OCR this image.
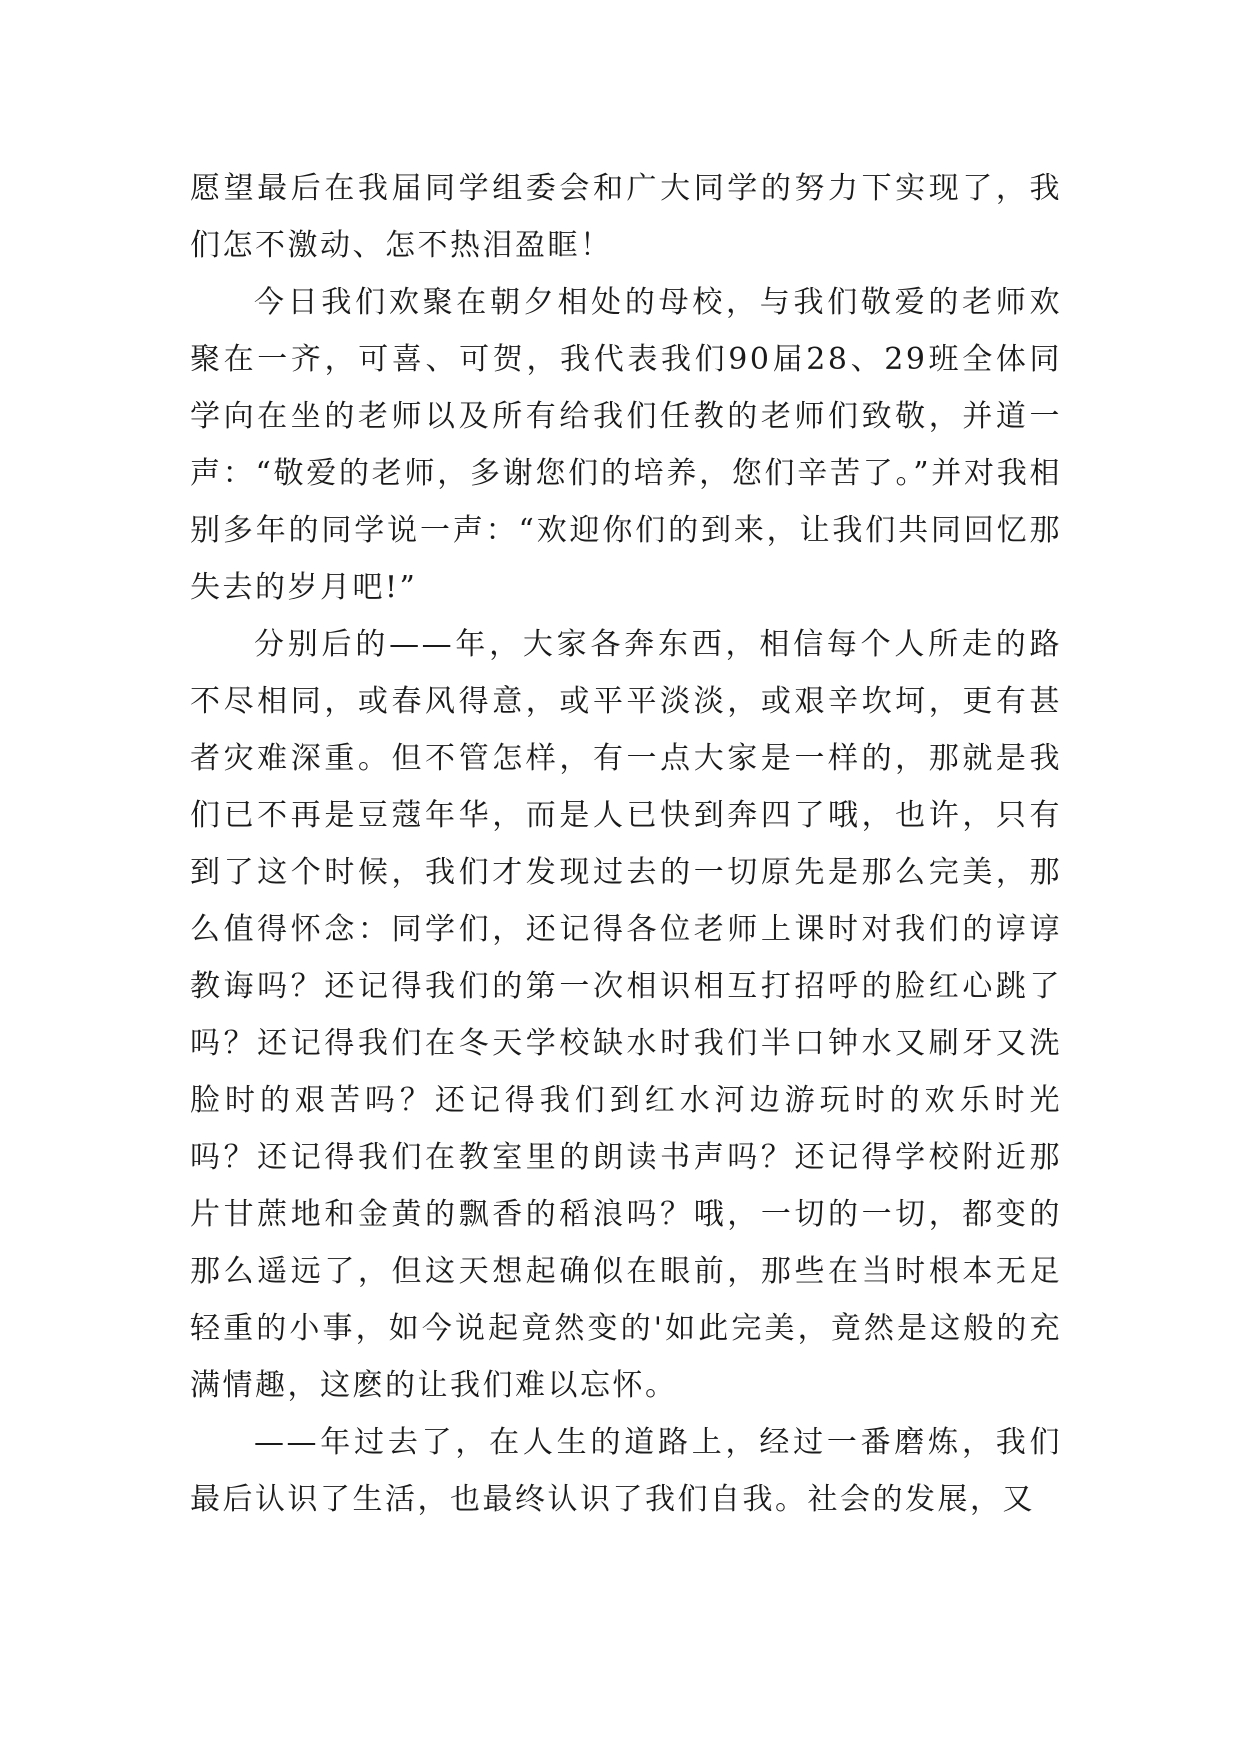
愿望最后在我届同学组委会和广大同学的努力下实现了，我们怎不激动、怎不热泪盈眶！

今日我们欢聚在朝夕相处的母校，与我们敬爱的老师欢聚在一齐，可喜、可贺，我代表我们90届28、29班全体同学向在坐的老师以及所有给我们任教的老师们致敬，并道一声：“敬爱的老师，多谢您们的培养，您们辛苦了。”并对我相别多年的同学说一声：“欢迎你们的到来，让我们共同回忆那失去的岁月吧!”

分别后的——年，大家各奔东西，相信每个人所走的路不尽相同，或春风得意，或平平淡淡，或艰辛坎坷，更有甚者灾难深重。但不管怎样，有一点大家是一样的，那就是我们已不再是豆蔻年华，而是人已快到奔四了哦，也许，只有到了这个时候，我们才发现过去的一切原先是那么完美，那么值得怀念：同学们，还记得各位老师上课时对我们的谆谆教诲吗？还记得我们的第一次相识相互打招呼的脸红心跳了吗？还记得我们在冬天学校缺水时我们半口钟水又刷牙又洗脸时的艰苦吗？还记得我们到红水河边游玩时的欢乐时光吗？还记得我们在教室里的朗读书声吗？还记得学校附近那片甘蔗地和金黄的飘香的稻浪吗？哦，一切的一切，都变的那么遥远了，但这天想起确似在眼前，那些在当时根本无足轻重的小事，如今说起竟然变的'如此完美，竟然是这般的充满情趣，这麽的让我们难以忘怀。

——年过去了，在人生的道路上，经过一番磨炼，我们最后认识了生活，也最终认识了我们自我。社会的发展，又
